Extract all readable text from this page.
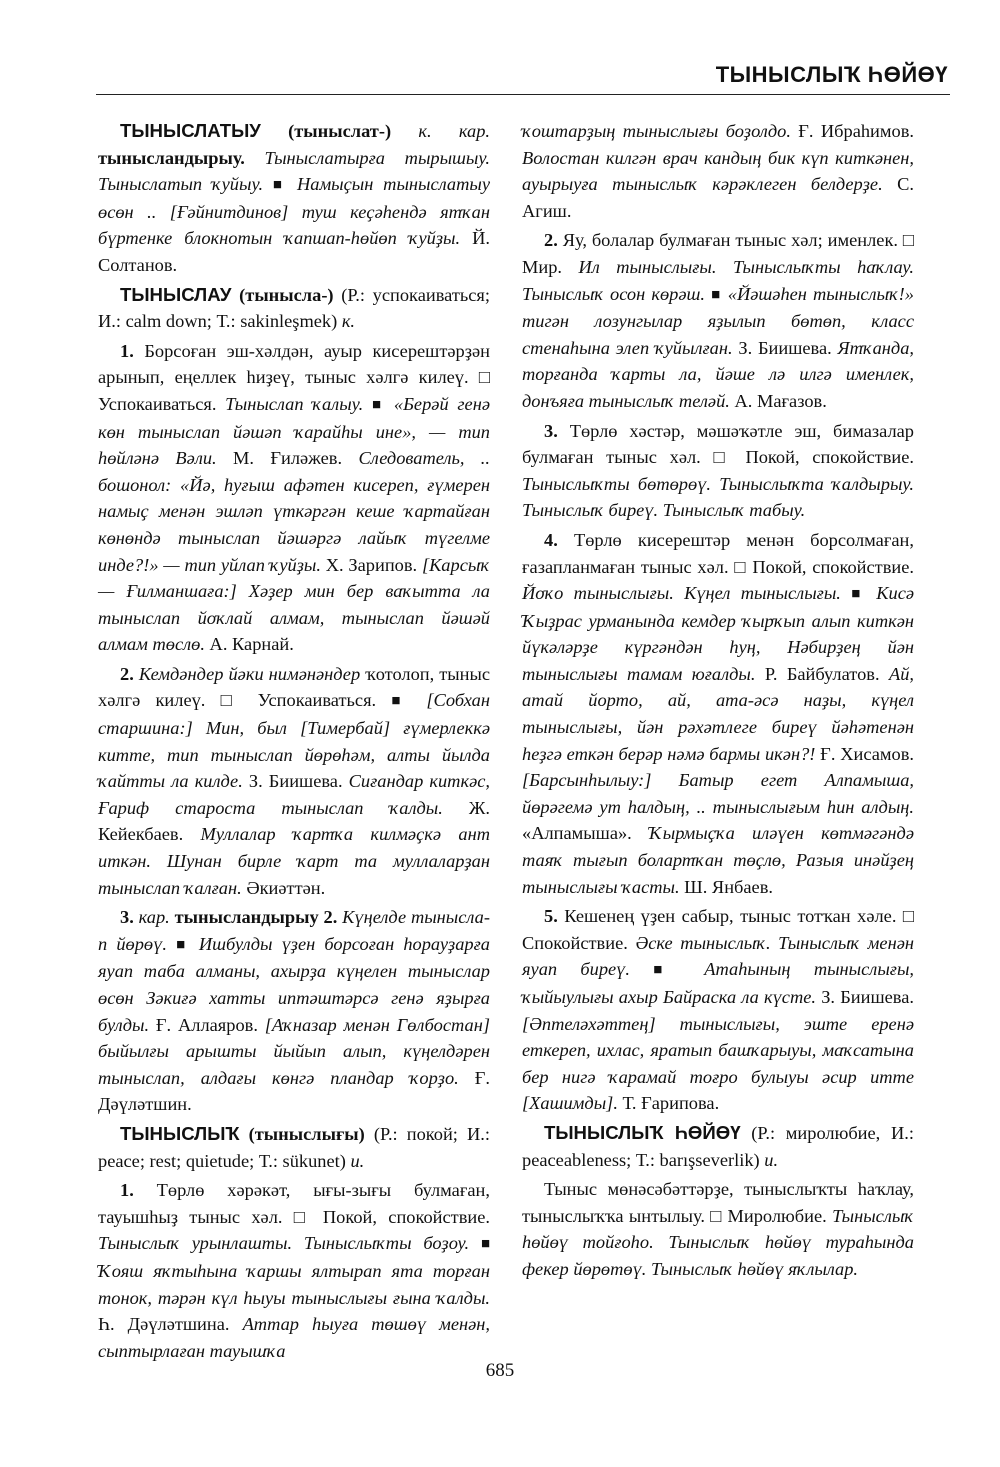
ТЫНЫСЛЫҠ ҺӨЙӨҮ

ТЫНЫСЛАТЫУ (тыныслат-) к. кар. тынысландырыу. Тыныслатырға тырышыу. Тыныслатып ҡуйыу. ■ Намыҫын тыныслатыу өсөн .. [Ғәйнитдинов] туш кеҫәһендә ятҡан бүртенке блокнотын ҡапшап-һөйөп ҡуйҙы. Й. Солтанов.

ТЫНЫСЛАУ (тынысла-) (Р.: успокаиваться; И.: calm down; Т.: sakinleşmek) к.

1. Борсоған эш-хәлдән, ауыр кисерештәрҙән арынып, еңеллек һиҙеү, тыныс хәлгә килеү. □ Успокаиваться. Тыныслап ҡалыу. ■ «Берәй генә көн тыныслап йәшәп ҡарайһы ине», — тип һөйләнә Вәли. М. Ғиләжев. Следователь, .. бошонол: «Йә, һуғыш афәтен кисереп, ғүмерен намыҫ менән эшләп үткәргән кеше ҡартайған көнөндә тыныслап йәшәргә лайыҡ түгелме инде?!» — тип уйлап ҡуйҙы. Х. Зарипов. [Карсыҡ — Ғилманшаға:] Хәҙер мин бер ваҡытта ла тыныслап йоҡлай алмам, тыныслап йәшәй алмам төслө. А. Карнай.

2. Кемдәндер йәки нимәнәндер ҡотолоп, тыныс хәлгә килеү. □ Успокаиваться. ■ [Собхан старшина:] Мин, был [Тимербай] ғүмерлеккә китте, тип тыныслап йөрөһәм, алты йылда ҡайтты ла килде. З. Биишева. Сиғандар киткәс, Ғариф староста тыныслап ҡалды. Ж. Кейекбаев. Муллалар ҡартҡа килмәҫкә ант иткән. Шунан бирле ҡарт та муллаларҙан тыныслап ҡалған. Әкиәттән.

3. кар. тынысландырыу 2. Күңелде тыныслап йөрөү. ■ Ишбулды үҙен борсоған һорауҙарға яуап таба алманы, ахырҙа күңелен тыныслар өсөн Зәкиғә хатты иптәштәрсә генә яҙырға булды. Ғ. Аллаяров. [Аҡназар менән Гөлбостан] быйылғы арышты йыйып алып, күңелдәрен тыныслап, алдағы көнгә пландар ҡорҙо. Ғ. Дәүләтшин.

ТЫНЫСЛЫҠ (тыныслығы) (Р.: покой; И.: peace; rest; quietude; Т.: sükunet) и.

1. Төрлө хәрәкәт, ығы-зығы булмаған, тауышһыҙ тыныс хәл. □ Покой, спокойствие. Тыныслыҡ урынлашты. Тыныслыҡты боҙоу. ■ Ҡояш яҡтыһына ҡаршы ялтырап ята торған тонок, тәрән күл һыуы тыныслығы ғына ҡалды. Һ. Дәүләтшина. Аттар һыуға төшөү менән, сыптырлаған тауышҡа

ҡоштарҙың тыныслығы боҙолдо. Ғ. Ибраһимов. Волостан килгән врач кандың бик күп киткәнен, ауырыуға тыныслыҡ кәрәклеген белдерҙе. С. Агиш.

2. Яу, болалар булмаған тыныс хәл; именлек. □ Мир. Ил тыныслығы. Тыныслыҡты һаҡлау. Тыныслыҡ осон көрәш. ■ «Йәшәһен тыныслыҡ!» тигән лозунгылар яҙылып бөтөп, класс стенаһына элеп ҡуйылған. З. Биишева. Ятҡанда, торғанда ҡарты ла, йәше лә илгә именлек, донъяға тыныслыҡ теләй. А. Мағазов.

3. Төрлө хәстәр, мәшәҡәтле эш, бимазалар булмаған тыныс хәл. □ Покой, спокойствие. Тыныслыҡты бөтөрөү. Тыныслыҡта ҡалдырыу. Тыныслыҡ биреү. Тыныслыҡ табыу.

4. Төрлө кисерештәр менән борсолмаған, ғазапланмаған тыныс хәл. □ Покой, спокойствие. Йоҡо тыныслығы. Күңел тыныслығы. ■ Кисә Ҡыҙрас урманында кемдер ҡырҡып алып киткән йүкәләрҙе күргәндән һуң, Нәбирҙең йән тыныслығы тамам юғалды. Р. Байбулатов. Ай, атай йорто, ай, ата-әсә наҙы, күңел тыныслығы, йән рәхәтлеге биреү йәһәтенән һеҙгә еткән берәр нәмә бармы икән?! Ғ. Хисамов. [Барсынһылыу:] Батыр егет Алпамыша, йөрәгемә ут һалдың, .. тыныслығым һин алдың. «Алпамыша». Ҡырмыҫҡа иләүен көтмәгәндә таяҡ тығып болартҡан төҫлө, Разыя инәйҙең тыныслығы ҡасты. Ш. Янбаев.

5. Кешенең үҙен сабыр, тыныс тотҡан хәле. □ Спокойствие. Әске тыныслыҡ. Тыныслыҡ менән яуап биреү. ■ Атаһының тыныслығы, ҡыйыулығы ахыр Байраска ла күсте. З. Биишева. [Әптеләхәттең] тыныслығы, эште еренә еткереп, ихлас, яратып башҡарыуы, маҡсатына бер нигә ҡарамай тоғро булыуы әсир итте [Хашимды]. Т. Ғарипова.

ТЫНЫСЛЫҠ ҺӨЙӨҮ (Р.: миролюбие, И.: peaceableness; Т.: barışseverlik) и.

Тыныс мөнәсәбәттәрҙе, тыныслыҡты һаҡлау, тыныслыҡҡа ынтылыу. □ Миролюбие. Тыныслыҡ һөйөү тойғоһо. Тыныслыҡ һөйөү тураһында фекер йөрөтөү. Тыныслыҡ һөйөү яҡлылар.

685
